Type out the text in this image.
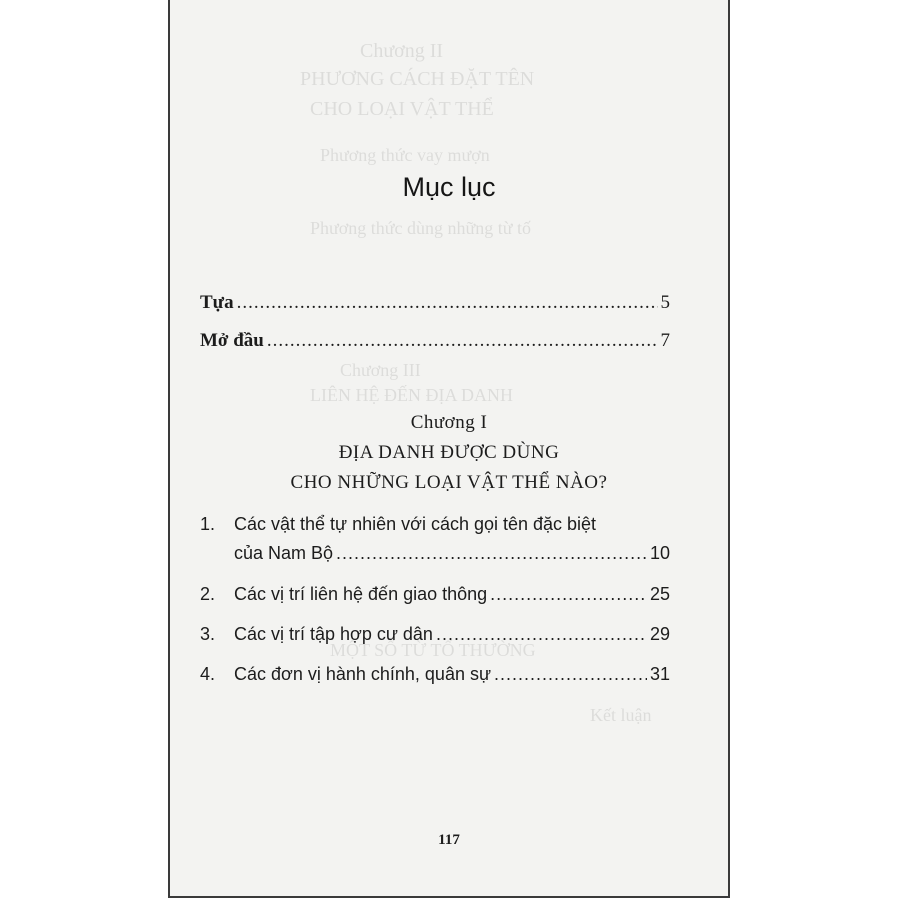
Chương II
PHƯƠNG CÁCH ĐẶT TÊN
CHO LOẠI VẬT THỂ
Phương thức vay mượn
Phương thức dùng những từ tố
Chương III
LIÊN HỆ ĐẾN ĐỊA DANH
MỘT SỐ TỪ TỐ THƯỜNG
Kết luận
Mục lục
Tựa .....	5
Mở đầu .....	7
Chương I
ĐỊA DANH ĐƯỢC DÙNG
CHO NHỮNG LOẠI VẬT THỂ NÀO?
1.	Các vật thể tự nhiên với cách gọi tên đặc biệt
của Nam Bộ .....	10
2.	Các vị trí liên hệ đến giao thông .....	25
3.	Các vị trí tập hợp cư dân .....	29
4.	Các đơn vị hành chính, quân sự .....	31
117
